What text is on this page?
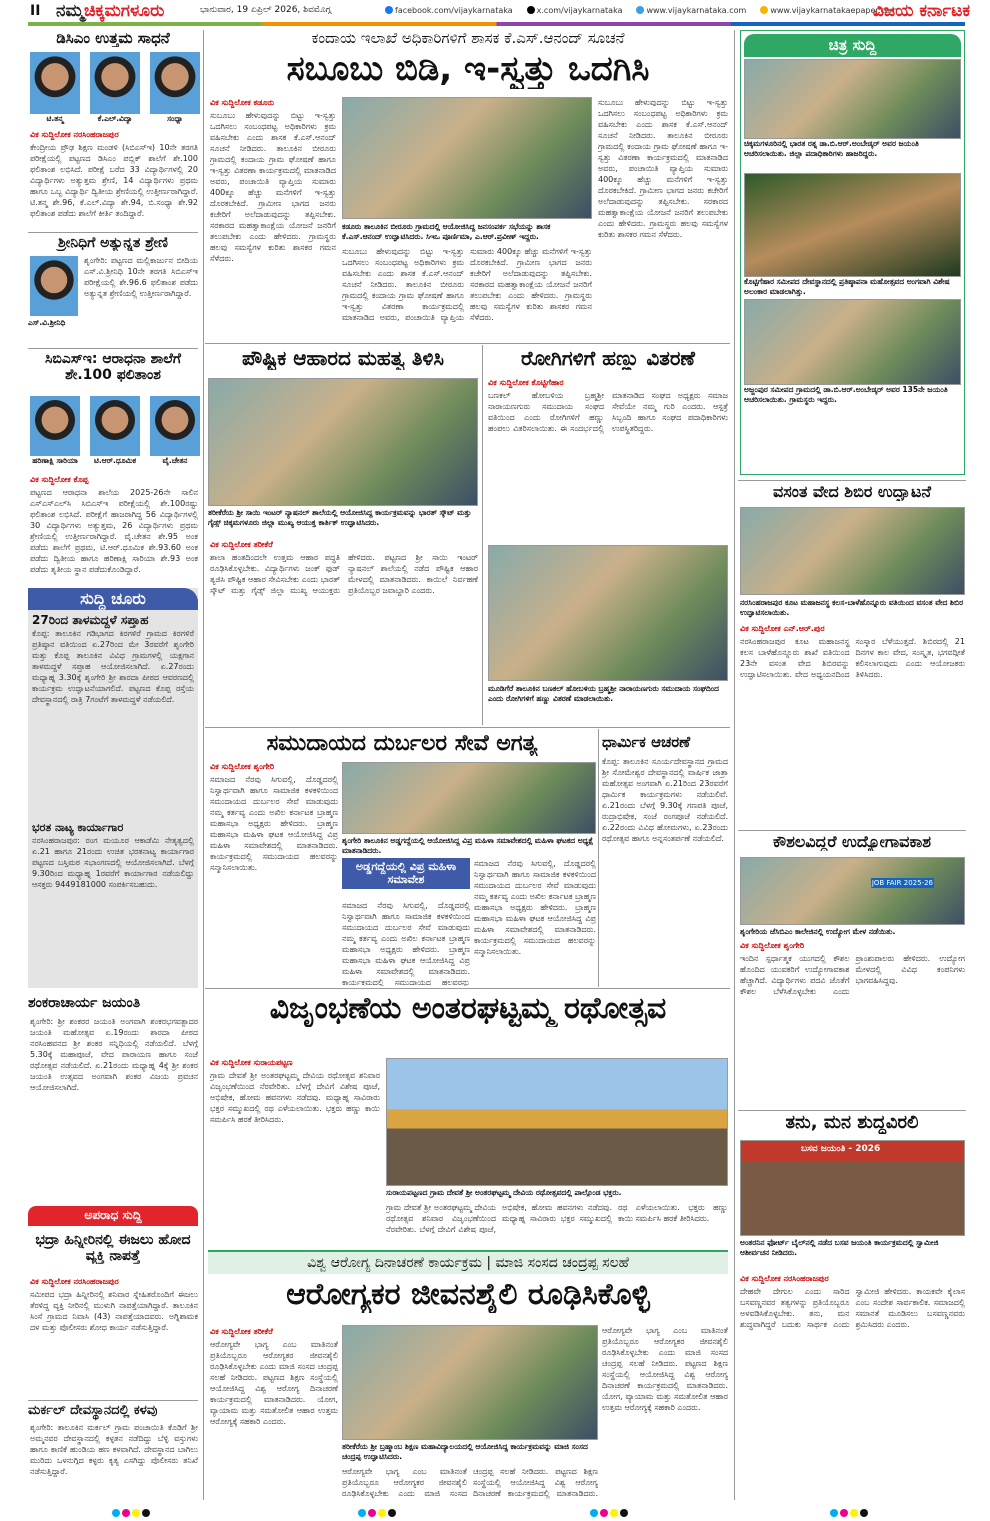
II ನಮ್ಮಚಿಕ್ಕಮಗಳೂರು	ಭಾನುವಾರ, 19 ಏಪ್ರಿಲ್ 2026, ಶಿವಮೊಗ್ಗ	facebook.com/vijaykarnataka	x.com/vijaykarnataka	www.vijaykarnataka.com	www.vijaykarnatakaepaper.com
ವಿಜಯ ಕರ್ನಾಟಕ
ಡಿಸಿಎಂ ಉತ್ತಮ ಸಾಧನೆ
ಟಿ.ತನ್ಮ	ಕೆ.ಎಲ್.ವಿದ್ಯಾ	ಸಂಧ್ಯಾ
ವಿಕ ಸುದ್ದಿಲೋಕ ನರಸಿಂಹರಾಜಪುರ
ಕೇಂದ್ರೀಯ ಪ್ರೌಢ ಶಿಕ್ಷಣ ಮಂಡಳಿ (ಸಿಬಿಎಸ್‌ಇ) 10ನೇ ತರಗತಿ ಪರೀಕ್ಷೆಯಲ್ಲಿ ಪಟ್ಟಣದ ಡಿಸಿಎಂ ಪಬ್ಲಿಕ್ ಶಾಲೆಗೆ ಶೇ.100 ಫಲಿತಾಂಶ ಲಭಿಸಿದೆ. ಪರೀಕ್ಷೆ ಬರೆದ 33 ವಿದ್ಯಾರ್ಥಿಗಳಲ್ಲಿ 20 ವಿದ್ಯಾರ್ಥಿಗಳು ಅತ್ಯುತ್ತಮ ಶ್ರೇಣಿ, 14 ವಿದ್ಯಾರ್ಥಿಗಳು ಪ್ರಥಮ ಹಾಗೂ ಒಬ್ಬ ವಿದ್ಯಾರ್ಥಿ ದ್ವಿತೀಯ ಶ್ರೇಣಿಯಲ್ಲಿ ಉತ್ತೀರ್ಣರಾಗಿದ್ದಾರೆ. ಟಿ.ತನ್ಮ ಶೇ.96, ಕೆ.ಎಲ್.ವಿದ್ಯಾ ಶೇ.94, ಬಿ.ಸಂಧ್ಯಾ ಶೇ.92 ಫಲಿತಾಂಶ ಪಡೆದು ಶಾಲೆಗೆ ಕೀರ್ತಿ ತಂದಿದ್ದಾರೆ.
ಶ್ರೀನಿಧಿಗೆ ಅತ್ಯುನ್ನತ ಶ್ರೇಣಿ
ಎಸ್.ವಿ.ಶ್ರೀನಿಧಿ
ಶೃಂಗೇರಿ: ಪಟ್ಟಣದ ಮಲ್ಲಿಕಾರ್ಜುನ ಬೀದಿಯ ಎಸ್.ವಿ.ಶ್ರೀನಿಧಿ 10ನೇ ತರಗತಿ ಸಿಬಿಎಸ್‌ಇ ಪರೀಕ್ಷೆಯಲ್ಲಿ ಶೇ.96.6 ಫಲಿತಾಂಶ ಪಡೆದು ಅತ್ಯುನ್ನತ ಶ್ರೇಣಿಯಲ್ಲಿ ಉತ್ತೀರ್ಣರಾಗಿದ್ದಾರೆ.
ಸಿಬಿಎಸ್‌ಇ: ಆರಾಧನಾ ಶಾಲೆಗೆ ಶೇ.100 ಫಲಿತಾಂಶ
ಹರಿಣಾಕ್ಷಿ ಸಾರಿಯಾ	ಟಿ.ಆರ್.ಧೂಮಿಕ	ವೈ.ಚೇತನ
ವಿಕ ಸುದ್ದಿಲೋಕ ಕೊಪ್ಪ
ಪಟ್ಟಣದ ಆರಾಧನಾ ಶಾಲೆಯ 2025-26ನೇ ಸಾಲಿನ ಎಸ್‌ಎಸ್‌ಎಲ್‌ಸಿ ಸಿಬಿಎಸ್‌ಇ ಪರೀಕ್ಷೆಯಲ್ಲಿ ಶೇ.100ರಷ್ಟು ಫಲಿತಾಂಶ ಲಭಿಸಿದೆ. ಪರೀಕ್ಷೆಗೆ ಹಾಜರಾಗಿದ್ದ 56 ವಿದ್ಯಾರ್ಥಿಗಳಲ್ಲಿ 30 ವಿದ್ಯಾರ್ಥಿಗಳು ಅತ್ಯುತ್ತಮ, 26 ವಿದ್ಯಾರ್ಥಿಗಳು ಪ್ರಥಮ ಶ್ರೇಣಿಯಲ್ಲಿ ಉತ್ತೀರ್ಣರಾಗಿದ್ದಾರೆ. ವೈ.ಚೇತನ ಶೇ.95 ಅಂಕ ಪಡೆದು ಶಾಲೆಗೆ ಪ್ರಥಮ, ಟಿ.ಆರ್.ಧೂಮಿಕ ಶೇ.93.60 ಅಂಕ ಪಡೆದು ದ್ವಿತೀಯ ಹಾಗೂ ಹರಿಣಾಕ್ಷಿ ಸಾರಿಯಾ ಶೇ.93 ಅಂಕ ಪಡೆದು ತೃತೀಯ ಸ್ಥಾನ ಪಡೆದುಕೊಂಡಿದ್ದಾರೆ.
ಸುದ್ದಿ ಚೂರು
27ರಿಂದ ತಾಳಮದ್ದಳೆ ಸಪ್ತಾಹ
ಕೊಪ್ಪ: ತಾಲೂಕಿನ ಗಡಿಭಾಗದ ಕಿರಗಳಿರೆ ಗ್ರಾಮದ ಕಿರಗಳಿರೆ ಪ್ರತಿಷ್ಠಾನ ವತಿಯಿಂದ ಏ.27ರಿಂದ ಮೇ 3ರವರೆಗೆ ಶೃಂಗೇರಿ ಮತ್ತು ಕೊಪ್ಪ ತಾಲೂಕಿನ ವಿವಿಧ ಗ್ರಾಮಗಳಲ್ಲಿ ಯಕ್ಷಗಾನ ತಾಳಮದ್ದಳೆ ಸಪ್ತಾಹ ಆಯೋಜಿಸಲಾಗಿದೆ. ಏ.27ರಂದು ಮಧ್ಯಾಹ್ನ 3.30ಕ್ಕೆ ಶೃಂಗೇರಿ ಶ್ರೀ ಶಾರದಾ ಪೀಠದ ಆವರಣದಲ್ಲಿ ಕಾರ್ಯಕ್ರಮ ಉದ್ಘಾಟನೆಯಾಗಲಿದೆ. ಪಟ್ಟಣದ ಕೊಪ್ಪ ರಸ್ತೆಯ ದೇವಸ್ಥಾನದಲ್ಲಿ ರಾತ್ರಿ 7ಗಂಟೆಗೆ ತಾಳಮದ್ದಳೆ ನಡೆಯಲಿದೆ.
ಭರತ ನಾಟ್ಯ ಕಾರ್ಯಾಗಾರ
ನರಸಿಂಹರಾಜಪುರ: ರಂಗ ಮಯೂರ ಆಕಾಡೆಮಿ ನೇತೃತ್ವದಲ್ಲಿ ಏ.21 ಹಾಗೂ 21ರಂದು ಉಚಿತ ಭರತನಾಟ್ಯ ಕಾರ್ಯಾಗಾರ ಪಟ್ಟಣದ ಬಸ್ತಿಮಠ ಸಭಾಂಗಣದಲ್ಲಿ ಆಯೋಜಿಸಲಾಗಿದೆ. ಬೆಳಗ್ಗೆ 9.30ರಿಂದ ಮಧ್ಯಾಹ್ನ 1ರವರೆಗೆ ಕಾರ್ಯಾಗಾರ ನಡೆಯಲಿದ್ದು ಆಸಕ್ತರು 9449181000 ಸಂಪರ್ಕಿಸಬಹುದು.
ಶಂಕರಾಚಾರ್ಯ ಜಯಂತಿ
ಶೃಂಗೇರಿ: ಶ್ರೀ ಶಂಕರರ ಜಯಂತಿ ಅಂಗವಾಗಿ ಶಂಕರಭಗವತ್ಪಾದರ ಜಯಂತಿ ಮಹೋತ್ಸವ ಏ.19ರಂದು ಶಾರದಾ ಪೀಠದ ನರಸಿಂಹವನದ ಶ್ರೀ ಶಂಕರ ಸನ್ನಿಧಿಯಲ್ಲಿ ನಡೆಯಲಿದೆ. ಬೆಳಗ್ಗೆ 5.30ಕ್ಕೆ ಮಹಾಪೂಜೆ, ವೇದ ಪಾರಾಯಣ ಹಾಗೂ ಸಂಜೆ ರಥೋತ್ಸವ ನಡೆಯಲಿದೆ. ಏ.21ರಂದು ಮಧ್ಯಾಹ್ನ 4ಕ್ಕೆ ಶ್ರೀ ಶಂಕರ ಜಯಂತಿ ಉತ್ಸವದ ಅಂಗವಾಗಿ ಶಂಕರ ವಿಜಯ ಪ್ರವಚನ ಆಯೋಜಿಸಲಾಗಿದೆ.
ಅಪರಾಧ ಸುದ್ದಿ
ಭದ್ರಾ ಹಿನ್ನೀರಿನಲ್ಲಿ ಈಜಲು ಹೋದ ವ್ಯಕ್ತಿ ನಾಪತ್ತೆ
ವಿಕ ಸುದ್ದಿಲೋಕ ನರಸಿಂಹರಾಜಪುರ
ಸಮೀಪದ ಭದ್ರಾ ಹಿನ್ನೀರಿನಲ್ಲಿ ಶನಿವಾರ ಸ್ನೇಹಿತರೊಂದಿಗೆ ಈಜಲು ತೆರಳಿದ್ದ ವ್ಯಕ್ತಿ ನೀರಿನಲ್ಲಿ ಮುಳುಗಿ ನಾಪತ್ತೆಯಾಗಿದ್ದಾರೆ. ತಾಲೂಕಿನ ಸಿಂಸೆ ಗ್ರಾಮದ ನಿವಾಸಿ (43) ನಾಪತ್ತೆಯಾದವರು. ಅಗ್ನಿಶಾಮಕ ದಳ ಮತ್ತು ಪೊಲೀಸರು ಶೋಧ ಕಾರ್ಯ ನಡೆಸುತ್ತಿದ್ದಾರೆ.
ಮರ್ಕಲ್ ದೇವಸ್ಥಾನದಲ್ಲಿ ಕಳವು
ಶೃಂಗೇರಿ: ತಾಲೂಕಿನ ಮರ್ಕಲ್ ಗ್ರಾಮ ಪಂಚಾಯಿತಿ ಕೊಡಿಗೆ ಶ್ರೀ ಅಮ್ಮನವರ ದೇವಸ್ಥಾನದಲ್ಲಿ ಕಳ್ಳತನ ನಡೆದಿದ್ದು ಬೆಳ್ಳಿ ವಸ್ತುಗಳು ಹಾಗೂ ಕಾಣಿಕೆ ಹುಂಡಿಯ ಹಣ ಕಳವಾಗಿದೆ. ದೇವಸ್ಥಾನದ ಬಾಗಿಲು ಮುರಿದು ಒಳನುಗ್ಗಿದ ಕಳ್ಳರು ಕೃತ್ಯ ಎಸಗಿದ್ದು ಪೊಲೀಸರು ತನಿಖೆ ನಡೆಸುತ್ತಿದ್ದಾರೆ.
ಕಂದಾಯ ಇಲಾಖೆ ಅಧಿಕಾರಿಗಳಿಗೆ ಶಾಸಕ ಕೆ.ಎಸ್.ಆನಂದ್ ಸೂಚನೆ
ಸಬೂಬು ಬಿಡಿ, ಇ-ಸ್ವತ್ತು ಒದಗಿಸಿ
ವಿಕ ಸುದ್ದಿಲೋಕ ಕಡೂರು
ಸುಬೂಬು ಹೇಳುವುದನ್ನು ಬಿಟ್ಟು ಇ-ಸ್ವತ್ತು ಒದಗಿಸಲು ಸಂಬಂಧಪಟ್ಟ ಅಧಿಕಾರಿಗಳು ಕ್ರಮ ವಹಿಸಬೇಕು ಎಂದು ಶಾಸಕ ಕೆ.ಎಸ್.ಆನಂದ್ ಸೂಚನೆ ನೀಡಿದರು. ತಾಲೂಕಿನ ಬೀರೂರು ಗ್ರಾಮದಲ್ಲಿ ಕಂದಾಯ ಗ್ರಾಮ ಘೋಷಣೆ ಹಾಗೂ ಇ-ಸ್ವತ್ತು ವಿತರಣಾ ಕಾರ್ಯಕ್ರಮದಲ್ಲಿ ಮಾತನಾಡಿದ ಅವರು, ಪಂಚಾಯಿತಿ ವ್ಯಾಪ್ತಿಯ ಸುಮಾರು 400ಕ್ಕೂ ಹೆಚ್ಚು ಮನೆಗಳಿಗೆ ಇ-ಸ್ವತ್ತು ದೊರಕಬೇಕಿದೆ. ಗ್ರಾಮೀಣ ಭಾಗದ ಜನರು ಕಚೇರಿಗೆ ಅಲೆದಾಡುವುದನ್ನು ತಪ್ಪಿಸಬೇಕು. ಸರಕಾರದ ಮಹತ್ವಾಕಾಂಕ್ಷೆಯ ಯೋಜನೆ ಜನರಿಗೆ ತಲುಪಬೇಕು ಎಂದು ಹೇಳಿದರು. ಗ್ರಾಮಸ್ಥರು ಹಲವು ಸಮಸ್ಯೆಗಳ ಕುರಿತು ಶಾಸಕರ ಗಮನ ಸೆಳೆದರು.
ಕಡೂರು ತಾಲೂಕಿನ ಬೀರೂರು ಗ್ರಾಮದಲ್ಲಿ ಆಯೋಜಿಸಿದ್ದ ಜನಸಂಪರ್ಕ ಸಭೆಯನ್ನು ಶಾಸಕ ಕೆ.ಎಸ್.ಆನಂದ್ ಉದ್ಘಾಟಿಸಿದರು. ಸಿಇಒ ಪೂರ್ಣಿಮಾ, ಎ.ಆರ್.ಪ್ರವೀಣ್ ಇದ್ದರು.
ಸುಬೂಬು ಹೇಳುವುದನ್ನು ಬಿಟ್ಟು ಇ-ಸ್ವತ್ತು ಒದಗಿಸಲು ಸಂಬಂಧಪಟ್ಟ ಅಧಿಕಾರಿಗಳು ಕ್ರಮ ವಹಿಸಬೇಕು ಎಂದು ಶಾಸಕ ಕೆ.ಎಸ್.ಆನಂದ್ ಸೂಚನೆ ನೀಡಿದರು. ತಾಲೂಕಿನ ಬೀರೂರು ಗ್ರಾಮದಲ್ಲಿ ಕಂದಾಯ ಗ್ರಾಮ ಘೋಷಣೆ ಹಾಗೂ ಇ-ಸ್ವತ್ತು ವಿತರಣಾ ಕಾರ್ಯಕ್ರಮದಲ್ಲಿ ಮಾತನಾಡಿದ ಅವರು, ಪಂಚಾಯಿತಿ ವ್ಯಾಪ್ತಿಯ ಸುಮಾರು 400ಕ್ಕೂ ಹೆಚ್ಚು ಮನೆಗಳಿಗೆ ಇ-ಸ್ವತ್ತು ದೊರಕಬೇಕಿದೆ. ಗ್ರಾಮೀಣ ಭಾಗದ ಜನರು ಕಚೇರಿಗೆ ಅಲೆದಾಡುವುದನ್ನು ತಪ್ಪಿಸಬೇಕು. ಸರಕಾರದ ಮಹತ್ವಾಕಾಂಕ್ಷೆಯ ಯೋಜನೆ ಜನರಿಗೆ ತಲುಪಬೇಕು ಎಂದು ಹೇಳಿದರು. ಗ್ರಾಮಸ್ಥರು ಹಲವು ಸಮಸ್ಯೆಗಳ ಕುರಿತು ಶಾಸಕರ ಗಮನ ಸೆಳೆದರು.
ಸುಬೂಬು ಹೇಳುವುದನ್ನು ಬಿಟ್ಟು ಇ-ಸ್ವತ್ತು ಒದಗಿಸಲು ಸಂಬಂಧಪಟ್ಟ ಅಧಿಕಾರಿಗಳು ಕ್ರಮ ವಹಿಸಬೇಕು ಎಂದು ಶಾಸಕ ಕೆ.ಎಸ್.ಆನಂದ್ ಸೂಚನೆ ನೀಡಿದರು. ತಾಲೂಕಿನ ಬೀರೂರು ಗ್ರಾಮದಲ್ಲಿ ಕಂದಾಯ ಗ್ರಾಮ ಘೋಷಣೆ ಹಾಗೂ ಇ-ಸ್ವತ್ತು ವಿತರಣಾ ಕಾರ್ಯಕ್ರಮದಲ್ಲಿ ಮಾತನಾಡಿದ ಅವರು, ಪಂಚಾಯಿತಿ ವ್ಯಾಪ್ತಿಯ ಸುಮಾರು 400ಕ್ಕೂ ಹೆಚ್ಚು ಮನೆಗಳಿಗೆ ಇ-ಸ್ವತ್ತು ದೊರಕಬೇಕಿದೆ. ಗ್ರಾಮೀಣ ಭಾಗದ ಜನರು ಕಚೇರಿಗೆ ಅಲೆದಾಡುವುದನ್ನು ತಪ್ಪಿಸಬೇಕು. ಸರಕಾರದ ಮಹತ್ವಾಕಾಂಕ್ಷೆಯ ಯೋಜನೆ ಜನರಿಗೆ ತಲುಪಬೇಕು ಎಂದು ಹೇಳಿದರು. ಗ್ರಾಮಸ್ಥರು ಹಲವು ಸಮಸ್ಯೆಗಳ ಕುರಿತು ಶಾಸಕರ ಗಮನ ಸೆಳೆದರು.
ಪೌಷ್ಟಿಕ ಆಹಾರದ ಮಹತ್ವ ತಿಳಿಸಿ
ತರೀಕೆರೆಯ ಶ್ರೀ ಸಾಯಿ ಇಂಟರ್ ನ್ಯಾಷನಲ್ ಶಾಲೆಯಲ್ಲಿ ಆಯೋಜಿಸಿದ್ದ ಕಾರ್ಯಕ್ರಮವನ್ನು ಭಾರತ್ ಸ್ಕೌಟ್ ಮತ್ತು ಗೈಡ್ಸ್ ಚಿಕ್ಕಮಗಳೂರು ಜಿಲ್ಲಾ ಮುಖ್ಯ ಆಯುಕ್ತ ಕಾರ್ತಿಕ್ ಉದ್ಘಾಟಿಸಿದರು.
ವಿಕ ಸುದ್ದಿಲೋಕ ತರೀಕೆರೆ
ಶಾಲಾ ಹಂತದಿಂದಲೇ ಉತ್ತಮ ಆಹಾರ ಪದ್ಧತಿ ರೂಢಿಸಿಕೊಳ್ಳಬೇಕು. ವಿದ್ಯಾರ್ಥಿಗಳು ಜಂಕ್ ಫುಡ್ ತ್ಯಜಿಸಿ ಪೌಷ್ಟಿಕ ಆಹಾರ ಸೇವಿಸಬೇಕು ಎಂದು ಭಾರತ್ ಸ್ಕೌಟ್ ಮತ್ತು ಗೈಡ್ಸ್ ಜಿಲ್ಲಾ ಮುಖ್ಯ ಆಯುಕ್ತರು ಹೇಳಿದರು. ಪಟ್ಟಣದ ಶ್ರೀ ಸಾಯಿ ಇಂಟರ್ ನ್ಯಾಷನಲ್ ಶಾಲೆಯಲ್ಲಿ ನಡೆದ ಪೌಷ್ಟಿಕ ಆಹಾರ ಮೇಳದಲ್ಲಿ ಮಾತನಾಡಿದರು. ಕಾಯಿಲೆ ನಿರ್ವಹಣೆ ಪ್ರತಿಯೊಬ್ಬರ ಜವಾಬ್ದಾರಿ ಎಂದರು.
ರೋಗಿಗಳಿಗೆ ಹಣ್ಣು ವಿತರಣೆ
ವಿಕ ಸುದ್ದಿಲೋಕ ಕೊಟ್ಟಿಗೆಹಾರ
ಬಣಕಲ್ ಹೋಬಳಿಯ ಬ್ರಹ್ಮಶ್ರೀ ನಾರಾಯಣಗುರು ಸಮುದಾಯ ಸಂಘದ ವತಿಯಿಂದ ಎಂದು ರೋಗಿಗಳಿಗೆ ಹಣ್ಣು ಹಂಪಲು ವಿತರಿಸಲಾಯಿತು. ಈ ಸಂದರ್ಭದಲ್ಲಿ ಮಾತನಾಡಿದ ಸಂಘದ ಅಧ್ಯಕ್ಷರು ಸಮಾಜ ಸೇವೆಯೇ ನಮ್ಮ ಗುರಿ ಎಂದರು. ಆಸ್ಪತ್ರೆ ಸಿಬ್ಬಂದಿ ಹಾಗೂ ಸಂಘದ ಪದಾಧಿಕಾರಿಗಳು ಉಪಸ್ಥಿತರಿದ್ದರು.
ಮೂಡಿಗೆರೆ ತಾಲೂಕಿನ ಬಣಕಲ್ ಹೋಬಳಿಯ ಬ್ರಹ್ಮಶ್ರೀ ನಾರಾಯಣಗುರು ಸಮುದಾಯ ಸಂಘದಿಂದ ಎಂದು ರೋಗಿಗಳಿಗೆ ಹಣ್ಣು ವಿತರಣೆ ಮಾಡಲಾಯಿತು.
ಸಮುದಾಯದ ದುರ್ಬಲರ ಸೇವೆ ಅಗತ್ಯ
ವಿಕ ಸುದ್ದಿಲೋಕ ಶೃಂಗೇರಿ
ಸಮಾಜದ ನೆರವು ಸಿಗುವಲ್ಲಿ, ದೊಡ್ಡದರಲ್ಲಿ ನಿಸ್ವಾರ್ಥವಾಗಿ ಹಾಗೂ ಸಾಮಾಜಿಕ ಕಳಕಳಿಯಿಂದ ಸಮುದಾಯದ ದುರ್ಬಲರ ಸೇವೆ ಮಾಡುವುದು ನಮ್ಮ ಕರ್ತವ್ಯ ಎಂದು ಅಖಿಲ ಕರ್ನಾಟಕ ಬ್ರಾಹ್ಮಣ ಮಹಾಸಭಾ ಅಧ್ಯಕ್ಷರು ಹೇಳಿದರು. ಬ್ರಾಹ್ಮಣ ಮಹಾಸಭಾ ಮಹಿಳಾ ಘಟಕ ಆಯೋಜಿಸಿದ್ದ ವಿಪ್ರ ಮಹಿಳಾ ಸಮಾವೇಶದಲ್ಲಿ ಮಾತನಾಡಿದರು. ಕಾರ್ಯಕ್ರಮದಲ್ಲಿ ಸಮುದಾಯದ ಹಲವರನ್ನು ಸನ್ಮಾನಿಸಲಾಯಿತು.
ಶೃಂಗೇರಿ ತಾಲೂಕಿನ ಅಡ್ಡಗದ್ದೆಯಲ್ಲಿ ಆಯೋಜಿಸಿದ್ದ ವಿಪ್ರ ಮಹಿಳಾ ಸಮಾವೇಶದಲ್ಲಿ ಮಹಿಳಾ ಘಟಕದ ಅಧ್ಯಕ್ಷೆ ಮಾತನಾಡಿದರು.
ಅಡ್ಡಗದ್ದೆಯಲ್ಲಿ ವಿಪ್ರ ಮಹಿಳಾ ಸಮಾವೇಶ
ಸಮಾಜದ ನೆರವು ಸಿಗುವಲ್ಲಿ, ದೊಡ್ಡದರಲ್ಲಿ ನಿಸ್ವಾರ್ಥವಾಗಿ ಹಾಗೂ ಸಾಮಾಜಿಕ ಕಳಕಳಿಯಿಂದ ಸಮುದಾಯದ ದುರ್ಬಲರ ಸೇವೆ ಮಾಡುವುದು ನಮ್ಮ ಕರ್ತವ್ಯ ಎಂದು ಅಖಿಲ ಕರ್ನಾಟಕ ಬ್ರಾಹ್ಮಣ ಮಹಾಸಭಾ ಅಧ್ಯಕ್ಷರು ಹೇಳಿದರು. ಬ್ರಾಹ್ಮಣ ಮಹಾಸಭಾ ಮಹಿಳಾ ಘಟಕ ಆಯೋಜಿಸಿದ್ದ ವಿಪ್ರ ಮಹಿಳಾ ಸಮಾವೇಶದಲ್ಲಿ ಮಾತನಾಡಿದರು. ಕಾರ್ಯಕ್ರಮದಲ್ಲಿ ಸಮುದಾಯದ ಹಲವರನ್ನು
ಸಮಾಜದ ನೆರವು ಸಿಗುವಲ್ಲಿ, ದೊಡ್ಡದರಲ್ಲಿ ನಿಸ್ವಾರ್ಥವಾಗಿ ಹಾಗೂ ಸಾಮಾಜಿಕ ಕಳಕಳಿಯಿಂದ ಸಮುದಾಯದ ದುರ್ಬಲರ ಸೇವೆ ಮಾಡುವುದು ನಮ್ಮ ಕರ್ತವ್ಯ ಎಂದು ಅಖಿಲ ಕರ್ನಾಟಕ ಬ್ರಾಹ್ಮಣ ಮಹಾಸಭಾ ಅಧ್ಯಕ್ಷರು ಹೇಳಿದರು. ಬ್ರಾಹ್ಮಣ ಮಹಾಸಭಾ ಮಹಿಳಾ ಘಟಕ ಆಯೋಜಿಸಿದ್ದ ವಿಪ್ರ ಮಹಿಳಾ ಸಮಾವೇಶದಲ್ಲಿ ಮಾತನಾಡಿದರು. ಕಾರ್ಯಕ್ರಮದಲ್ಲಿ ಸಮುದಾಯದ ಹಲವರನ್ನು ಸನ್ಮಾನಿಸಲಾಯಿತು.
ಧಾರ್ಮಿಕ ಆಚರಣೆ
ಕೊಪ್ಪ: ತಾಲೂಕಿನ ಸೂರ್ಯದೇವಸ್ಥಾನದ ಗ್ರಾಮದ ಶ್ರೀ ಸೋಮೇಶ್ವರ ದೇವಸ್ಥಾನದಲ್ಲಿ ವಾರ್ಷಿಕ ಜಾತ್ರಾ ಮಹೋತ್ಸವ ಅಂಗವಾಗಿ ಏ.21ರಿಂದ 23ರವರೆಗೆ ಧಾರ್ಮಿಕ ಕಾರ್ಯಕ್ರಮಗಳು ನಡೆಯಲಿವೆ. ಏ.21ರಂದು ಬೆಳಗ್ಗೆ 9.30ಕ್ಕೆ ಗಣಪತಿ ಪೂಜೆ, ರುದ್ರಾಭಿಷೇಕ, ಸಂಜೆ ರಂಗಪೂಜೆ ನಡೆಯಲಿದೆ. ಏ.22ರಂದು ವಿವಿಧ ಹೋಮಗಳು, ಏ.23ರಂದು ರಥೋತ್ಸವ ಹಾಗೂ ಅನ್ನಸಂತರ್ಪಣೆ ನಡೆಯಲಿದೆ.
ವಿಜೃಂಭಣೆಯ ಅಂತರಘಟ್ಟಮ್ಮ ರಥೋತ್ಸವ
ವಿಕ ಸುದ್ದಿಲೋಕ ಸುರಾಯಪಟ್ಟಣ
ಗ್ರಾಮ ದೇವತೆ ಶ್ರೀ ಅಂತರಘಟ್ಟಮ್ಮ ದೇವಿಯ ರಥೋತ್ಸವ ಶನಿವಾರ ವಿಜೃಂಭಣೆಯಿಂದ ನೆರವೇರಿತು. ಬೆಳಗ್ಗೆ ದೇವಿಗೆ ವಿಶೇಷ ಪೂಜೆ, ಅಭಿಷೇಕ, ಹೋಮ ಹವನಗಳು ನಡೆದವು. ಮಧ್ಯಾಹ್ನ ಸಾವಿರಾರು ಭಕ್ತರ ಸಮ್ಮುಖದಲ್ಲಿ ರಥ ಎಳೆಯಲಾಯಿತು. ಭಕ್ತರು ಹಣ್ಣು ಕಾಯಿ ಸಮರ್ಪಿಸಿ ಹರಕೆ ತೀರಿಸಿದರು.
ಸುರಾಯಪಟ್ಟಣದ ಗ್ರಾಮ ದೇವತೆ ಶ್ರೀ ಅಂತರಘಟ್ಟಮ್ಮ ದೇವಿಯ ರಥೋತ್ಸವದಲ್ಲಿ ಪಾಲ್ಗೊಂಡ ಭಕ್ತರು.
ಗ್ರಾಮ ದೇವತೆ ಶ್ರೀ ಅಂತರಘಟ್ಟಮ್ಮ ದೇವಿಯ ರಥೋತ್ಸವ ಶನಿವಾರ ವಿಜೃಂಭಣೆಯಿಂದ ನೆರವೇರಿತು. ಬೆಳಗ್ಗೆ ದೇವಿಗೆ ವಿಶೇಷ ಪೂಜೆ, ಅಭಿಷೇಕ, ಹೋಮ ಹವನಗಳು ನಡೆದವು. ಮಧ್ಯಾಹ್ನ ಸಾವಿರಾರು ಭಕ್ತರ ಸಮ್ಮುಖದಲ್ಲಿ ರಥ ಎಳೆಯಲಾಯಿತು. ಭಕ್ತರು ಹಣ್ಣು ಕಾಯಿ ಸಮರ್ಪಿಸಿ ಹರಕೆ ತೀರಿಸಿದರು.
ವಿಶ್ವ ಆರೋಗ್ಯ ದಿನಾಚರಣೆ ಕಾರ್ಯಕ್ರಮ | ಮಾಜಿ ಸಂಸದ ಚಂದ್ರಪ್ಪ ಸಲಹೆ
ಆರೋಗ್ಯಕರ ಜೀವನಶೈಲಿ ರೂಢಿಸಿಕೊಳ್ಳಿ
ವಿಕ ಸುದ್ದಿಲೋಕ ತರೀಕೆರೆ
ಆರೋಗ್ಯವೇ ಭಾಗ್ಯ ಎಂಬ ಮಾತಿನಂತೆ ಪ್ರತಿಯೊಬ್ಬರೂ ಆರೋಗ್ಯಕರ ಜೀವನಶೈಲಿ ರೂಢಿಸಿಕೊಳ್ಳಬೇಕು ಎಂದು ಮಾಜಿ ಸಂಸದ ಚಂದ್ರಪ್ಪ ಸಲಹೆ ನೀಡಿದರು. ಪಟ್ಟಣದ ಶಿಕ್ಷಣ ಸಂಸ್ಥೆಯಲ್ಲಿ ಆಯೋಜಿಸಿದ್ದ ವಿಶ್ವ ಆರೋಗ್ಯ ದಿನಾಚರಣೆ ಕಾರ್ಯಕ್ರಮದಲ್ಲಿ ಮಾತನಾಡಿದರು. ಯೋಗ, ವ್ಯಾಯಾಮ ಮತ್ತು ಸಮತೋಲಿತ ಆಹಾರ ಉತ್ತಮ ಆರೋಗ್ಯಕ್ಕೆ ಸಹಕಾರಿ ಎಂದರು.
ತರೀಕೆರೆಯ ಶ್ರೀ ಬ್ರಹ್ಮಾಂಬ ಶಿಕ್ಷಣ ಮಹಾವಿದ್ಯಾಲಯದಲ್ಲಿ ಆಯೋಜಿಸಿದ್ದ ಕಾರ್ಯಕ್ರಮವನ್ನು ಮಾಜಿ ಸಂಸದ ಚಂದ್ರಪ್ಪ ಉದ್ಘಾಟಿಸಿದರು.
ಆರೋಗ್ಯವೇ ಭಾಗ್ಯ ಎಂಬ ಮಾತಿನಂತೆ ಪ್ರತಿಯೊಬ್ಬರೂ ಆರೋಗ್ಯಕರ ಜೀವನಶೈಲಿ ರೂಢಿಸಿಕೊಳ್ಳಬೇಕು ಎಂದು ಮಾಜಿ ಸಂಸದ ಚಂದ್ರಪ್ಪ ಸಲಹೆ ನೀಡಿದರು. ಪಟ್ಟಣದ ಶಿಕ್ಷಣ ಸಂಸ್ಥೆಯಲ್ಲಿ ಆಯೋಜಿಸಿದ್ದ ವಿಶ್ವ ಆರೋಗ್ಯ ದಿನಾಚರಣೆ ಕಾರ್ಯಕ್ರಮದಲ್ಲಿ ಮಾತನಾಡಿದರು.
ಆರೋಗ್ಯವೇ ಭಾಗ್ಯ ಎಂಬ ಮಾತಿನಂತೆ ಪ್ರತಿಯೊಬ್ಬರೂ ಆರೋಗ್ಯಕರ ಜೀವನಶೈಲಿ ರೂಢಿಸಿಕೊಳ್ಳಬೇಕು ಎಂದು ಮಾಜಿ ಸಂಸದ ಚಂದ್ರಪ್ಪ ಸಲಹೆ ನೀಡಿದರು. ಪಟ್ಟಣದ ಶಿಕ್ಷಣ ಸಂಸ್ಥೆಯಲ್ಲಿ ಆಯೋಜಿಸಿದ್ದ ವಿಶ್ವ ಆರೋಗ್ಯ ದಿನಾಚರಣೆ ಕಾರ್ಯಕ್ರಮದಲ್ಲಿ ಮಾತನಾಡಿದರು. ಯೋಗ, ವ್ಯಾಯಾಮ ಮತ್ತು ಸಮತೋಲಿತ ಆಹಾರ ಉತ್ತಮ ಆರೋಗ್ಯಕ್ಕೆ ಸಹಕಾರಿ ಎಂದರು.
ಚಿತ್ರ ಸುದ್ದಿ
ಚಿಕ್ಕಮಗಳೂರಿನಲ್ಲಿ ಭಾರತ ರತ್ನ ಡಾ.ಬಿ.ಆರ್.ಅಂಬೇಡ್ಕರ್ ಅವರ ಜಯಂತಿ ಆಚರಿಸಲಾಯಿತು. ಜಿಲ್ಲಾ ಪದಾಧಿಕಾರಿಗಳು ಹಾಜರಿದ್ದರು.
ಕೊಟ್ಟಿಗೆಹಾರ ಸಮೀಪದ ದೇವಸ್ಥಾನದಲ್ಲಿ ಪ್ರತಿಷ್ಠಾಪನಾ ಮಹೋತ್ಸವದ ಅಂಗವಾಗಿ ವಿಶೇಷ ಅಲಂಕಾರ ಮಾಡಲಾಗಿತ್ತು.
ಅಜ್ಜಂಪುರ ಸಮೀಪದ ಗ್ರಾಮದಲ್ಲಿ ಡಾ.ಬಿ.ಆರ್.ಅಂಬೇಡ್ಕರ್ ಅವರ 135ನೇ ಜಯಂತಿ ಆಚರಿಸಲಾಯಿತು. ಗ್ರಾಮಸ್ಥರು ಇದ್ದರು.
ವಸಂತ ವೇದ ಶಿಬಿರ ಉದ್ಘಾಟನೆ
ನರಸಿಂಹರಾಜಪುರ ಕೂಟ ಮಹಾಜನಸ್ಥ ಕಲಸ-ಬಾಳೆಹೊನ್ನೂರು ವತಿಯಿಂದ ವಸಂತ ವೇದ ಶಿಬಿರ ಉದ್ಘಾಟಿಸಲಾಯಿತು.
ವಿಕ ಸುದ್ದಿಲೋಕ ಎನ್.ಆರ್.ಪುರ
ನರಸಿಂಹರಾಜಪುರ ಕೂಟ ಮಹಾಜನಸ್ಥ ಕಲಸ ಬಾಳೆಹೊನ್ನೂರು ಶಾಖೆ ವತಿಯಿಂದ 23ನೇ ವಸಂತ ವೇದ ಶಿಬಿರವನ್ನು ಉದ್ಘಾಟಿಸಲಾಯಿತು. ವೇದ ಅಧ್ಯಯನದಿಂದ ಸಂಸ್ಕಾರ ಬೆಳೆಯುತ್ತದೆ. ಶಿಬಿರದಲ್ಲಿ 21 ದಿನಗಳ ಕಾಲ ವೇದ, ಸಂಸ್ಕೃತ, ಭಗವದ್ಗೀತೆ ಕಲಿಸಲಾಗುವುದು ಎಂದು ಆಯೋಜಕರು ತಿಳಿಸಿದರು.
ಕೌಶಲವಿದ್ದರೆ ಉದ್ಯೋಗಾವಕಾಶ
JOB FAIR 2025-26
ಶೃಂಗೇರಿಯ ಜೆಸಿಬಿಎಂ ಕಾಲೇಜಿನಲ್ಲಿ ಉದ್ಯೋಗ ಮೇಳ ನಡೆಯಿತು.
ವಿಕ ಸುದ್ದಿಲೋಕ ಶೃಂಗೇರಿ
ಇಂದಿನ ಸ್ಪರ್ಧಾತ್ಮಕ ಯುಗದಲ್ಲಿ ಕೌಶಲ ಹೊಂದಿದ ಯುವಕರಿಗೆ ಉದ್ಯೋಗಾವಕಾಶ ಹೆಚ್ಚಾಗಿದೆ. ವಿದ್ಯಾರ್ಥಿಗಳು ಪದವಿ ಜೊತೆಗೆ ಕೌಶಲ ಬೆಳೆಸಿಕೊಳ್ಳಬೇಕು ಎಂದು ಪ್ರಾಂಶುಪಾಲರು ಹೇಳಿದರು. ಉದ್ಯೋಗ ಮೇಳದಲ್ಲಿ ವಿವಿಧ ಕಂಪನಿಗಳು ಭಾಗವಹಿಸಿದ್ದವು.
ತನು, ಮನ ಶುದ್ಧವಿರಲಿ
ಬಸವ ಜಯಂತಿ - 2026
ಅಂತರನಿನ ಫೋರ್ಟ್ ಬೈಲ್‌ನಲ್ಲಿ ನಡೆದ ಬಸವ ಜಯಂತಿ ಕಾರ್ಯಕ್ರಮದಲ್ಲಿ ಸ್ವಾಮೀಜಿ ಆಶೀರ್ವಚನ ನೀಡಿದರು.
ವಿಕ ಸುದ್ದಿಲೋಕ ನರಸಿಂಹರಾಜಪುರ
ದೇಹವೇ ದೇಗುಲ ಎಂದು ಸಾರಿದ ಬಸವಣ್ಣನವರ ತತ್ವಗಳನ್ನು ಪ್ರತಿಯೊಬ್ಬರೂ ಅಳವಡಿಸಿಕೊಳ್ಳಬೇಕು. ತನು, ಮನ ಶುದ್ಧವಾಗಿದ್ದರೆ ಬದುಕು ಸಾರ್ಥಕ ಎಂದು ಸ್ವಾಮೀಜಿ ಹೇಳಿದರು. ಕಾಯಕವೇ ಕೈಲಾಸ ಎಂಬ ಸಂದೇಶ ಸಾರ್ವಕಾಲಿಕ. ಸಮಾಜದಲ್ಲಿ ಸಮಾನತೆ ಮೂಡಿಸಲು ಬಸವಣ್ಣನವರು ಶ್ರಮಿಸಿದರು ಎಂದರು.
